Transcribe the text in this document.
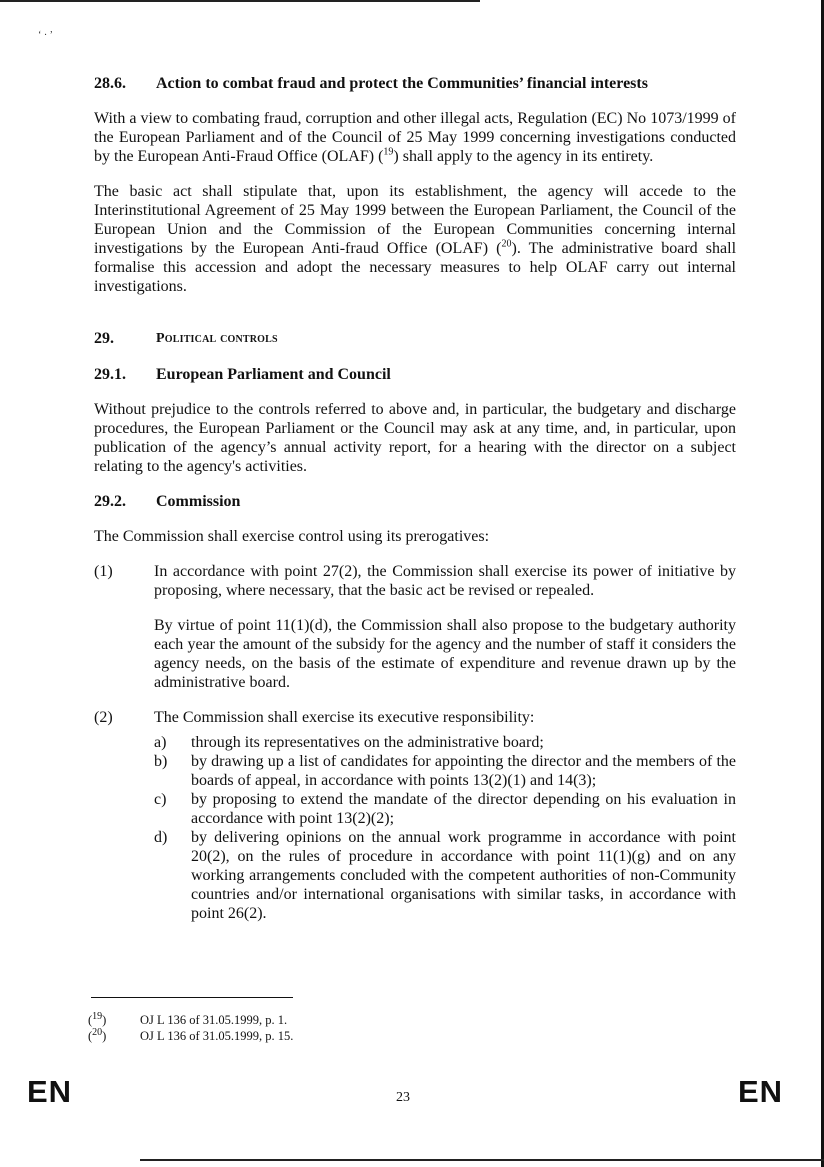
‘ · ’
28.6.	Action to combat fraud and protect the Communities’ financial interests

With a view to combating fraud, corruption and other illegal acts, Regulation (EC) No 1073/1999 of the European Parliament and of the Council of 25 May 1999 concerning investigations conducted by the European Anti-Fraud Office (OLAF) ($^{19}$) shall apply to the agency in its entirety.

The basic act shall stipulate that, upon its establishment, the agency will accede to the Interinstitutional Agreement of 25 May 1999 between the European Parliament, the Council of the European Union and the Commission of the European Communities concerning internal investigations by the European Anti-fraud Office (OLAF) ($^{20}$). The administrative board shall formalise this accession and adopt the necessary measures to help OLAF carry out internal investigations.

29.	Political controls
29.1.	European Parliament and Council

Without prejudice to the controls referred to above and, in particular, the budgetary and discharge procedures, the European Parliament or the Council may ask at any time, and, in particular, upon publication of the agency’s annual activity report, for a hearing with the director on a subject relating to the agency's activities.

29.2.	Commission

The Commission shall exercise control using its prerogatives:

(1)	In accordance with point 27(2), the Commission shall exercise its power of initiative by proposing, where necessary, that the basic act be revised or repealed.

By virtue of point 11(1)(d), the Commission shall also propose to the budgetary authority each year the amount of the subsidy for the agency and the number of staff it considers the agency needs, on the basis of the estimate of expenditure and revenue drawn up by the administrative board.

(2)	The Commission shall exercise its executive responsibility:

a)	through its representatives on the administrative board;
b)	by drawing up a list of candidates for appointing the director and the members of the boards of appeal, in accordance with points 13(2)(1) and 14(3);
c)	by proposing to extend the mandate of the director depending on his evaluation in accordance with point 13(2)(2);
d)	by delivering opinions on the annual work programme in accordance with point 20(2), on the rules of procedure in accordance with point 11(1)(g) and on any working arrangements concluded with the competent authorities of non-Community countries and/or international organisations with similar tasks, in accordance with point 26(2).
($^{19}$)	OJ L 136 of 31.05.1999, p. 1.
($^{20}$)	OJ L 136 of 31.05.1999, p. 15.
EN	23	EN
